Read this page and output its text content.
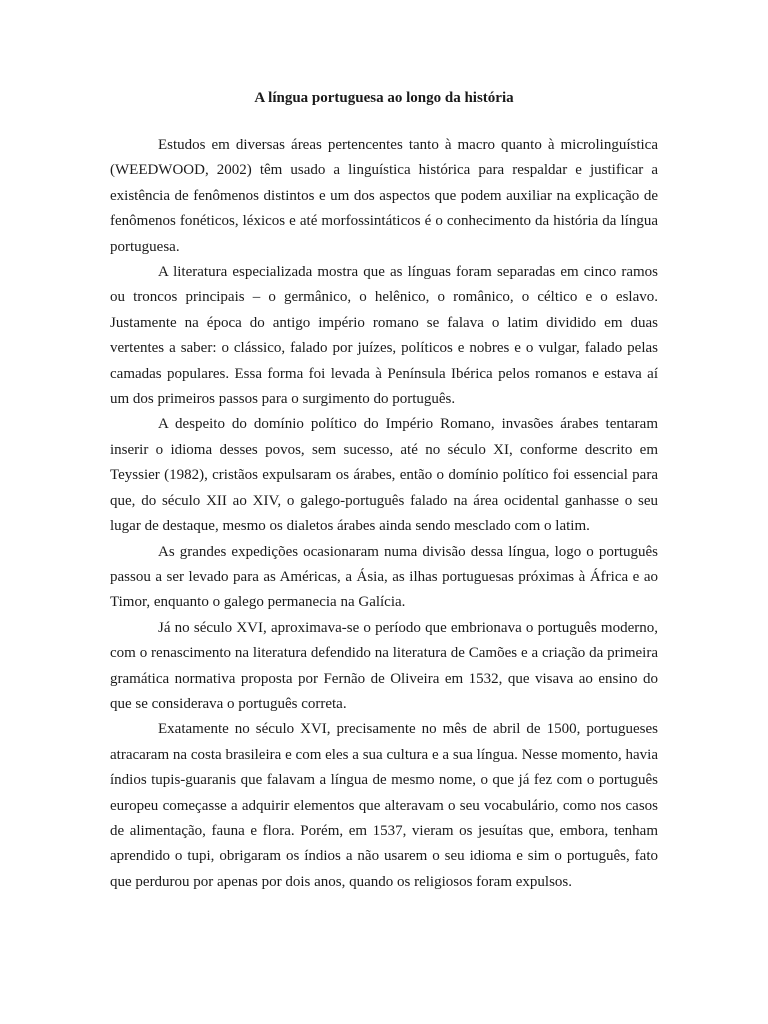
A língua portuguesa ao longo da história

Estudos em diversas áreas pertencentes tanto à macro quanto à microlinguística (WEEDWOOD, 2002) têm usado a linguística histórica para respaldar e justificar a existência de fenômenos distintos e um dos aspectos que podem auxiliar na explicação de fenômenos fonéticos, léxicos e até morfossintáticos é o conhecimento da história da língua portuguesa.

A literatura especializada mostra que as línguas foram separadas em cinco ramos ou troncos principais – o germânico, o helênico, o românico, o céltico e o eslavo. Justamente na época do antigo império romano se falava o latim dividido em duas vertentes a saber: o clássico, falado por juízes, políticos e nobres e o vulgar, falado pelas camadas populares. Essa forma foi levada à Península Ibérica pelos romanos e estava aí um dos primeiros passos para o surgimento do português.

A despeito do domínio político do Império Romano, invasões árabes tentaram inserir o idioma desses povos, sem sucesso, até no século XI, conforme descrito em Teyssier (1982), cristãos expulsaram os árabes, então o domínio político foi essencial para que, do século XII ao XIV, o galego-português falado na área ocidental ganhasse o seu lugar de destaque, mesmo os dialetos árabes ainda sendo mesclado com o latim.

As grandes expedições ocasionaram numa divisão dessa língua, logo o português passou a ser levado para as Américas, a Ásia, as ilhas portuguesas próximas à África e ao Timor, enquanto o galego permanecia na Galícia.

Já no século XVI, aproximava-se o período que embrionava o português moderno, com o renascimento na literatura defendido na literatura de Camões e a criação da primeira gramática normativa proposta por Fernão de Oliveira em 1532, que visava ao ensino do que se considerava o português correta.

Exatamente no século XVI, precisamente no mês de abril de 1500, portugueses atracaram na costa brasileira e com eles a sua cultura e a sua língua. Nesse momento, havia índios tupis-guaranis que falavam a língua de mesmo nome, o que já fez com o português europeu começasse a adquirir elementos que alteravam o seu vocabulário, como nos casos de alimentação, fauna e flora. Porém, em 1537, vieram os jesuítas que, embora, tenham aprendido o tupi, obrigaram os índios a não usarem o seu idioma e sim o português, fato que perdurou por apenas por dois anos, quando os religiosos foram expulsos.
